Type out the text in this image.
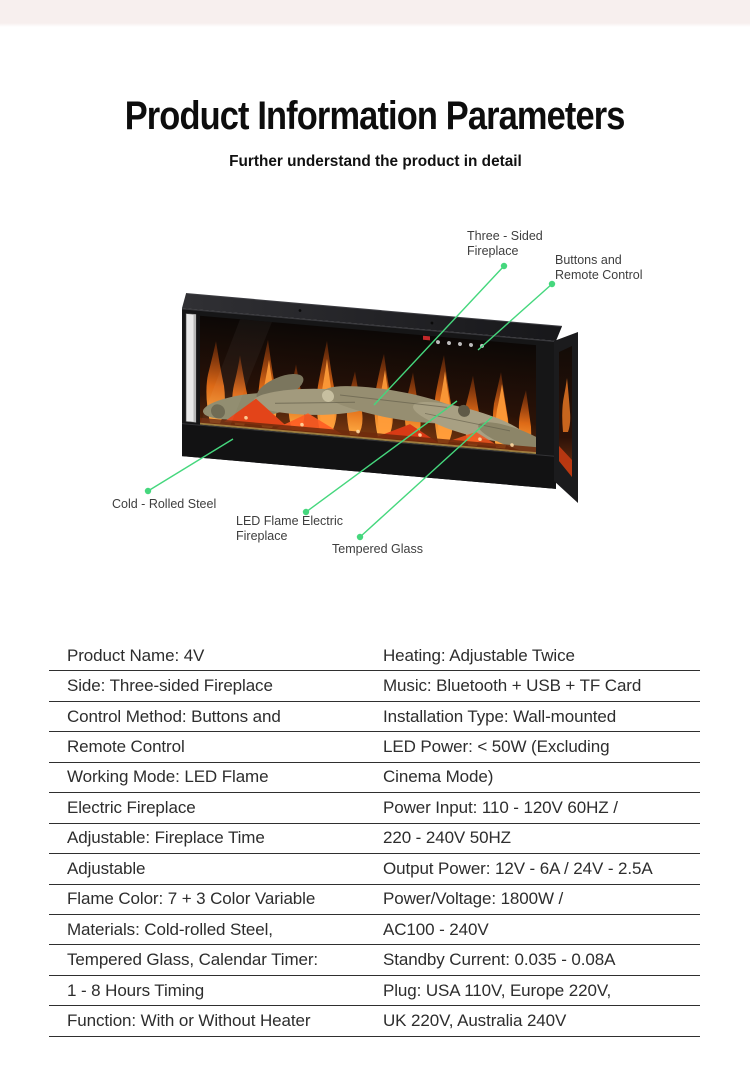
Product Information Parameters
Further understand the product in detail
Three - Sided
Fireplace
Buttons and
Remote Control
Cold - Rolled Steel
LED Flame Electric
Fireplace
Tempered Glass
Product Name: 4V	Heating: Adjustable Twice
Side: Three-sided Fireplace	Music: Bluetooth + USB + TF Card
Control Method: Buttons and	Installation Type: Wall-mounted
Remote Control	LED Power: < 50W (Excluding
Working Mode: LED Flame	Cinema Mode)
Electric Fireplace	Power Input: 110 - 120V 60HZ /
Adjustable: Fireplace Time	220 - 240V 50HZ
Adjustable	Output Power: 12V - 6A / 24V - 2.5A
Flame Color: 7 + 3 Color Variable	Power/Voltage: 1800W /
Materials: Cold-rolled Steel,	AC100 - 240V
Tempered Glass, Calendar Timer:	Standby Current: 0.035 - 0.08A
1 - 8 Hours Timing	Plug: USA 110V, Europe 220V,
Function: With or Without Heater	UK 220V, Australia 240V
